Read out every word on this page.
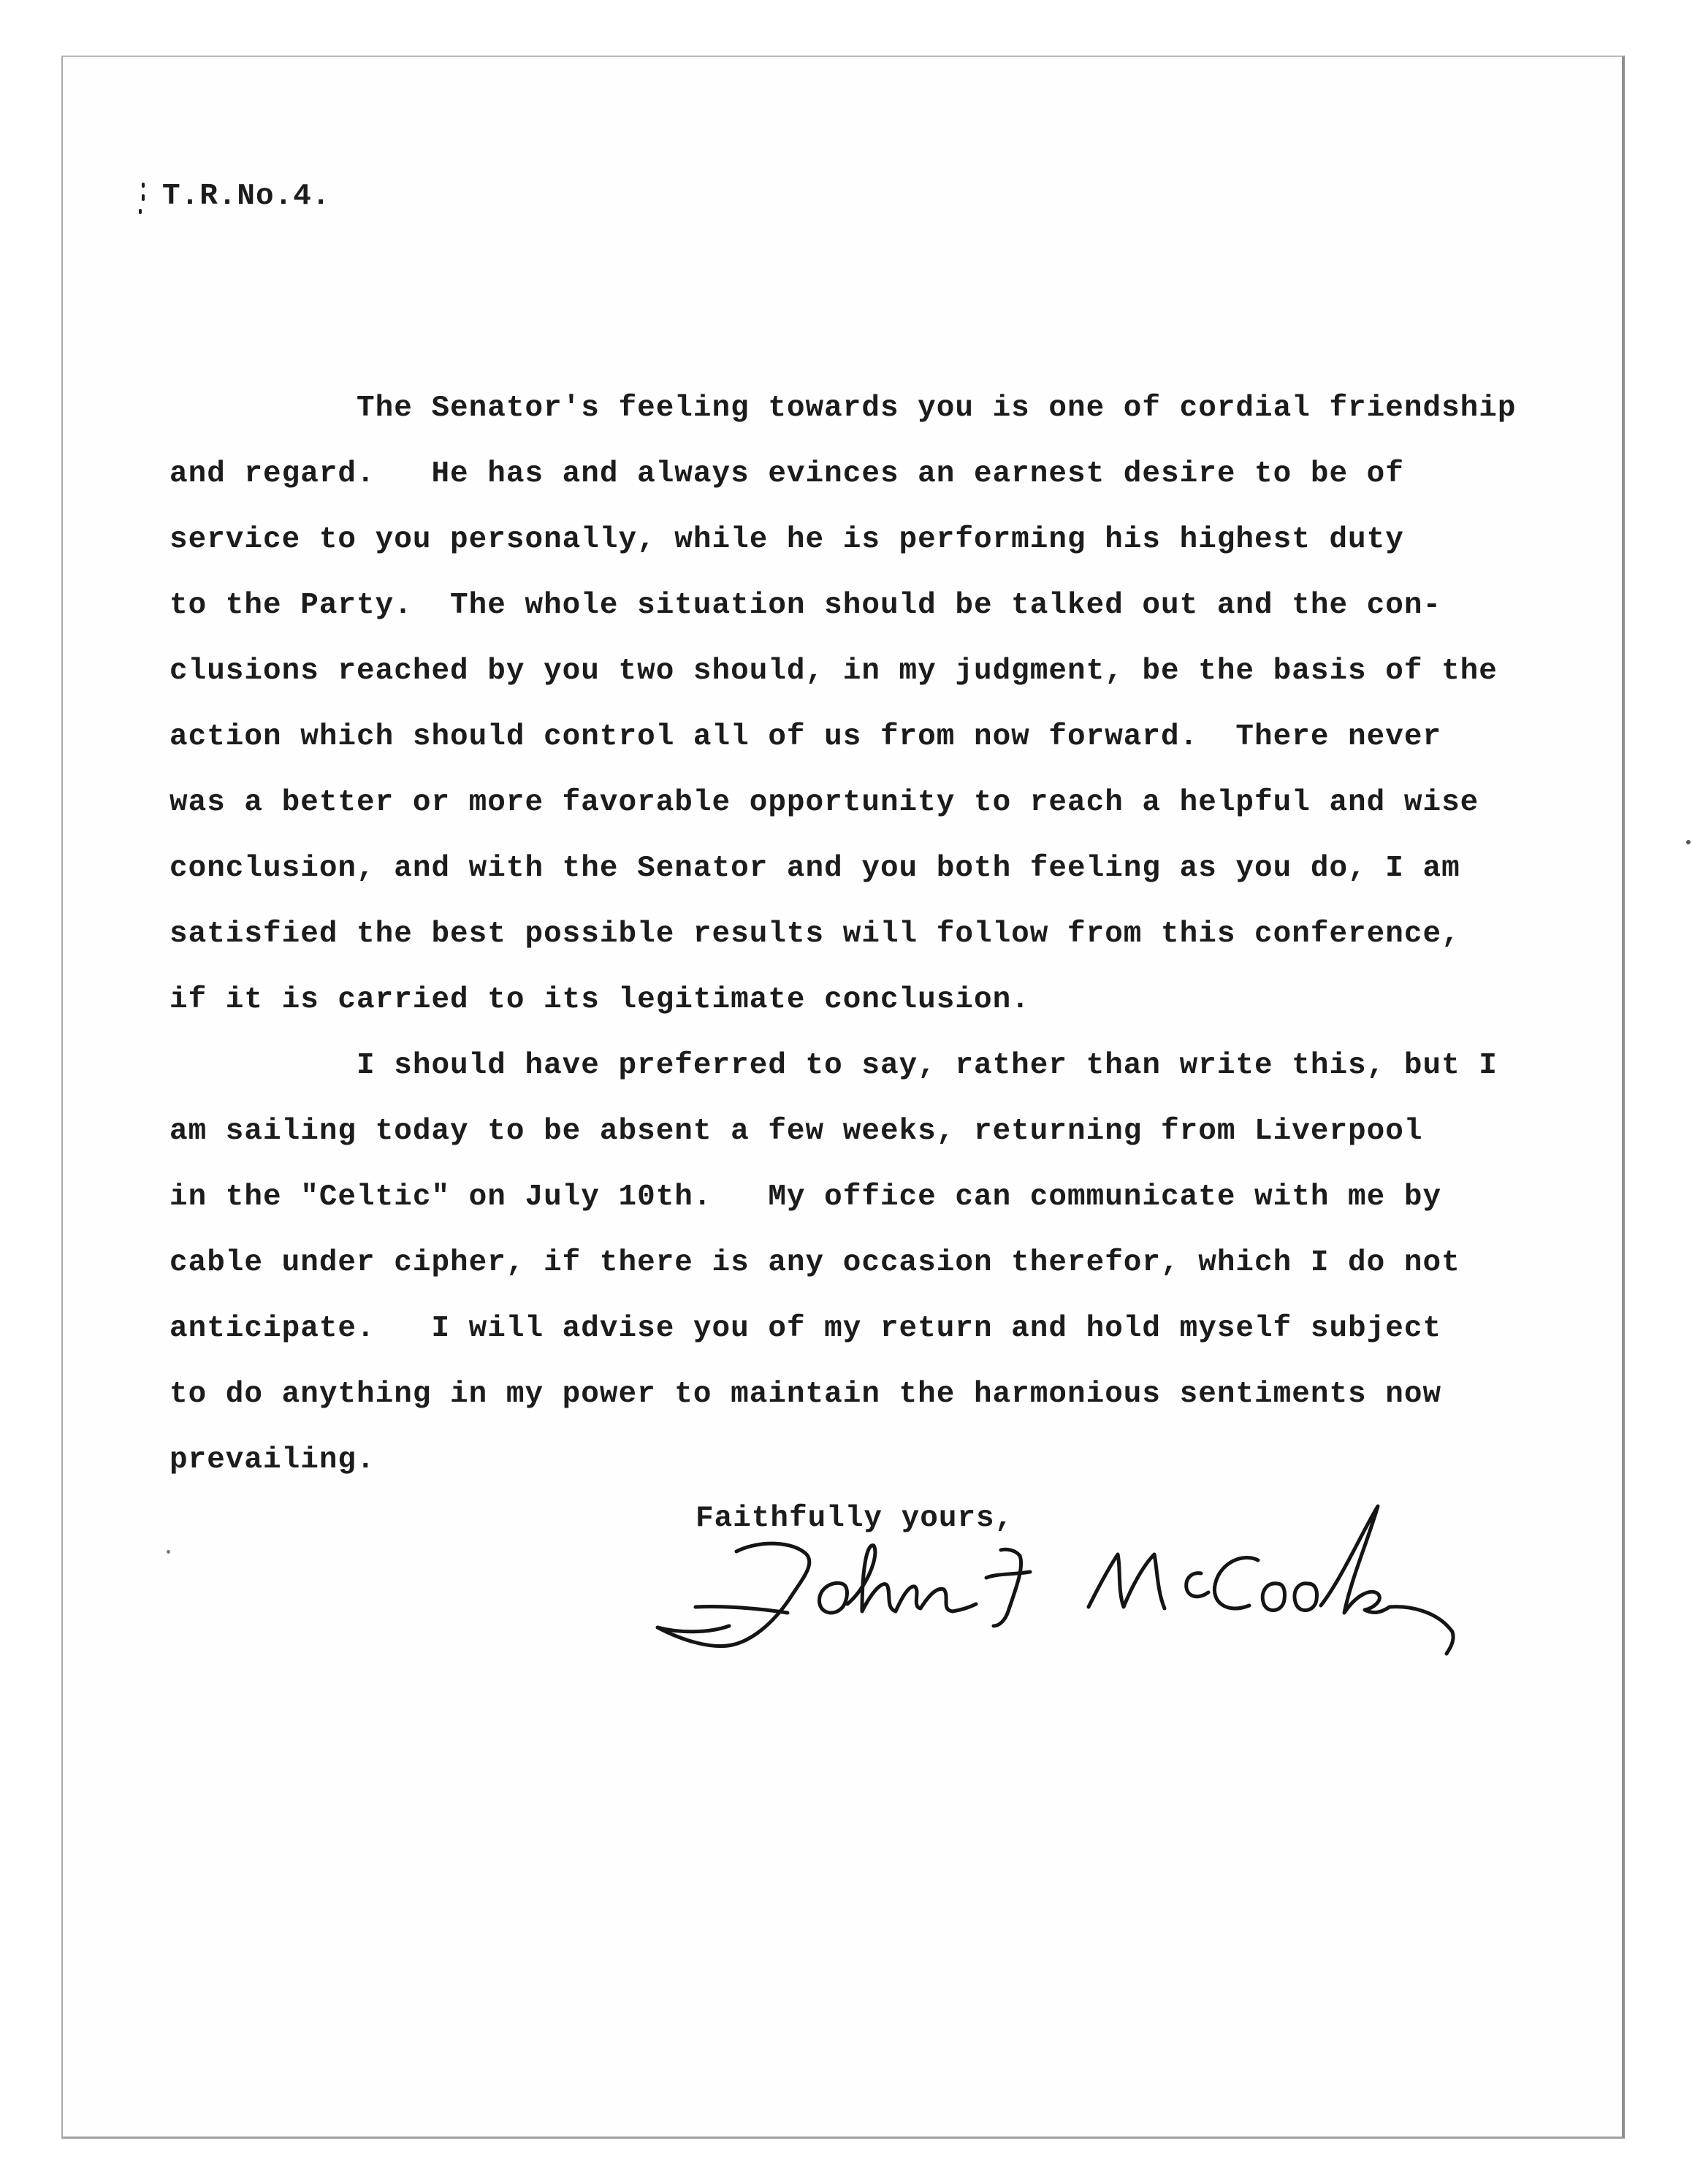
T.R.No.4.

The Senator's feeling towards you is one of cordial friendship
and regard.   He has and always evinces an earnest desire to be of
service to you personally, while he is performing his highest duty
to the Party.  The whole situation should be talked out and the con-
clusions reached by you two should, in my judgment, be the basis of the
action which should control all of us from now forward.  There never
was a better or more favorable opportunity to reach a helpful and wise
conclusion, and with the Senator and you both feeling as you do, I am
satisfied the best possible results will follow from this conference,
if it is carried to its legitimate conclusion.
I should have preferred to say, rather than write this, but I
am sailing today to be absent a few weeks, returning from Liverpool
in the "Celtic" on July 10th.   My office can communicate with me by
cable under cipher, if there is any occasion therefor, which I do not
anticipate.   I will advise you of my return and hold myself subject
to do anything in my power to maintain the harmonious sentiments now
prevailing.

Faithfully yours,
